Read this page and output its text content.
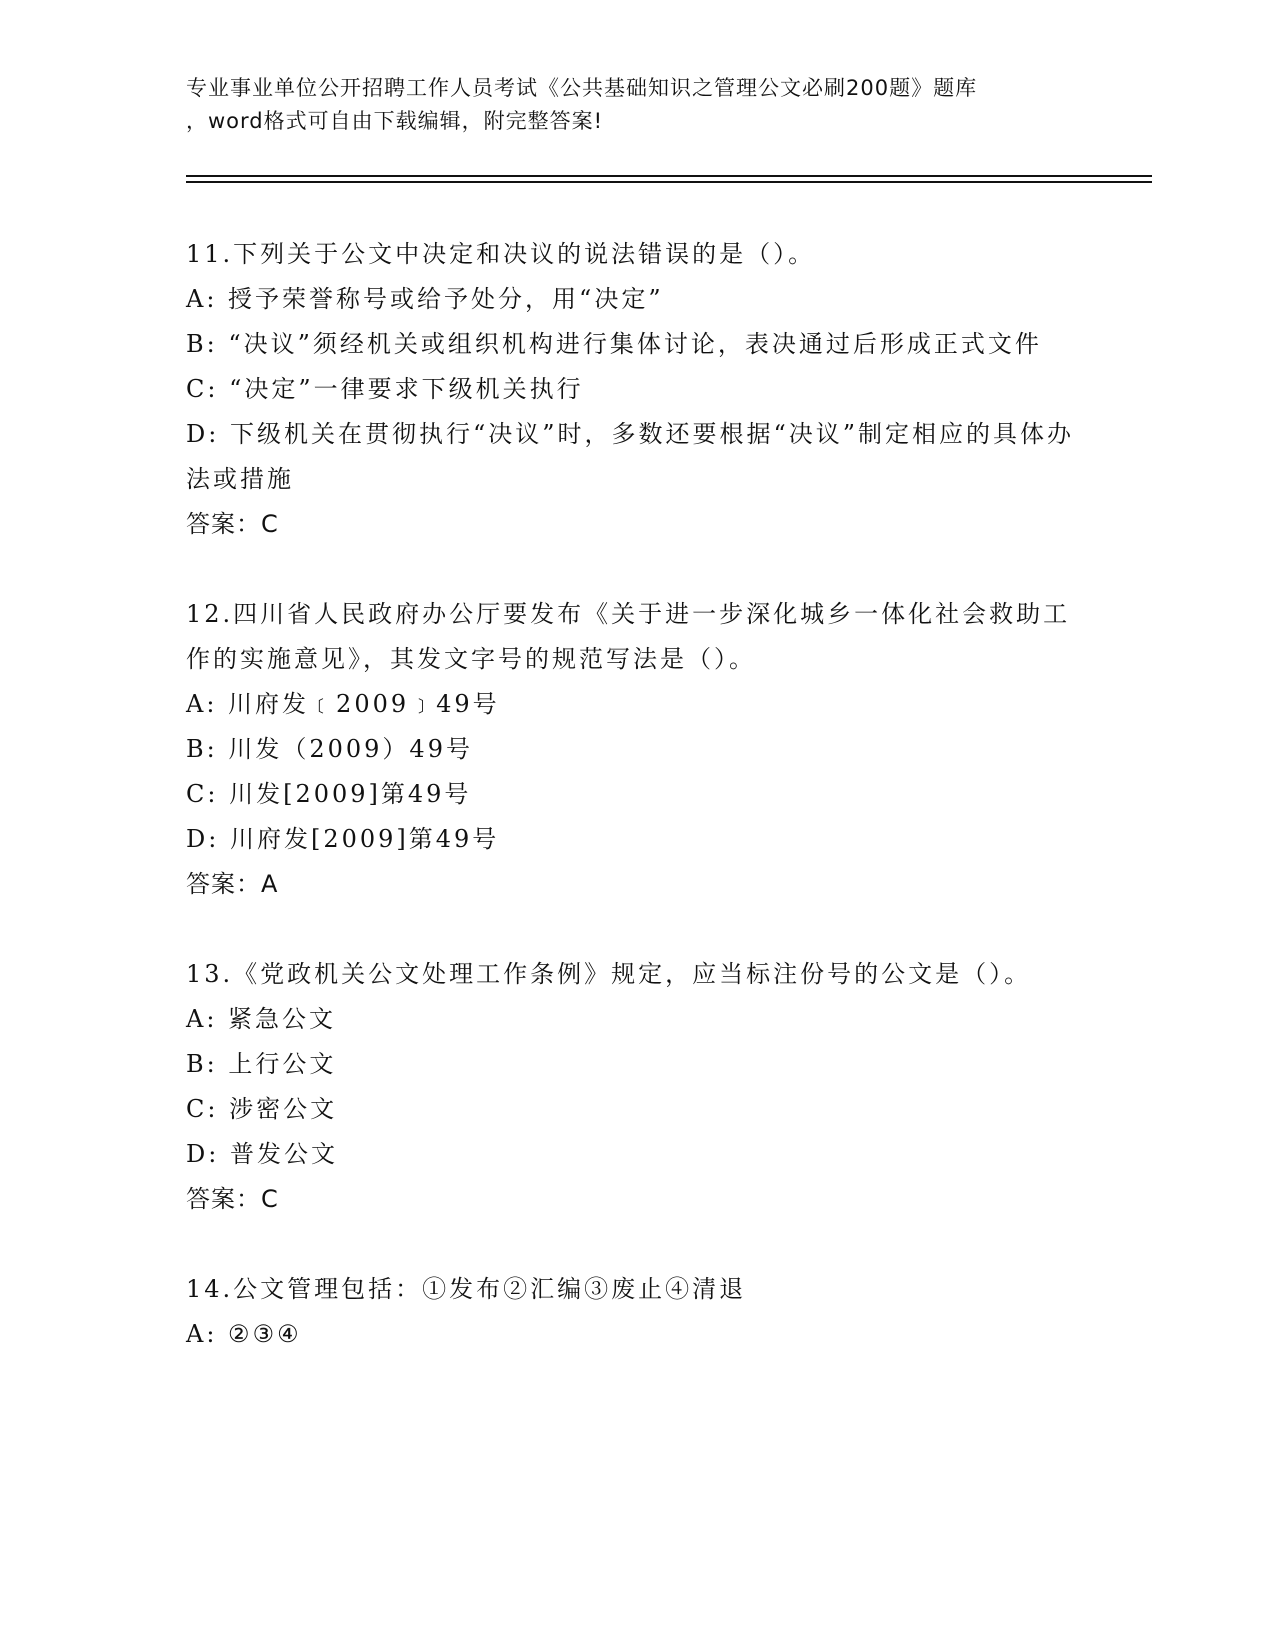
专业事业单位公开招聘工作人员考试《公共基础知识之管理公文必刷200题》题库
，word格式可自由下载编辑，附完整答案!
11.下列关于公文中决定和决议的说法错误的是（）。
A: 授予荣誉称号或给予处分，用“决定”
B: “决议”须经机关或组织机构进行集体讨论，表决通过后形成正式文件
C: “决定”一律要求下级机关执行
D: 下级机关在贯彻执行“决议”时，多数还要根据“决议”制定相应的具体办法或措施
答案：C
12.四川省人民政府办公厅要发布《关于进一步深化城乡一体化社会救助工作的实施意见》，其发文字号的规范写法是（）。
A: 川府发﹝2009﹞49号
B: 川发（2009）49号
C: 川发[2009]第49号
D: 川府发[2009]第49号
答案：A
13.《党政机关公文处理工作条例》规定，应当标注份号的公文是（）。
A: 紧急公文
B: 上行公文
C: 涉密公文
D: 普发公文
答案：C
14.公文管理包括：①发布②汇编③废止④清退
A: ②③④
